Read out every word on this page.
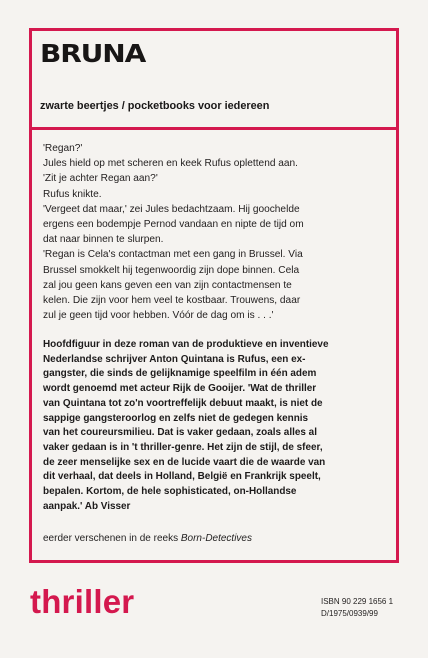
BRUNA
zwarte beertjes / pocketbooks voor iedereen
'Regan?'
Jules hield op met scheren en keek Rufus oplettend aan.
'Zit je achter Regan aan?'
Rufus knikte.
'Vergeet dat maar,' zei Jules bedachtzaam. Hij goochelde
ergens een bodempje Pernod vandaan en nipte de tijd om
dat naar binnen te slurpen.
'Regan is Cela's contactman met een gang in Brussel. Via
Brussel smokkelt hij tegenwoordig zijn dope binnen. Cela
zal jou geen kans geven een van zijn contactmensen te
kelen. Die zijn voor hem veel te kostbaar. Trouwens, daar
zul je geen tijd voor hebben. Vóór de dag om is . . .'
Hoofdfiguur in deze roman van de produktieve en inventieve
Nederlandse schrijver Anton Quintana is Rufus, een ex-
gangster, die sinds de gelijknamige speelfilm in één adem
wordt genoemd met acteur Rijk de Gooijer. 'Wat de thriller
van Quintana tot zo'n voortreffelijk debuut maakt, is niet de
sappige gangsteroorlog en zelfs niet de gedegen kennis
van het coureursmilieu. Dat is vaker gedaan, zoals alles al
vaker gedaan is in 't thriller-genre. Het zijn de stijl, de sfeer,
de zeer menselijke sex en de lucide vaart die de waarde van
dit verhaal, dat deels in Holland, België en Frankrijk speelt,
bepalen. Kortom, de hele sophisticated, on-Hollandse
aanpak.' Ab Visser
eerder verschenen in de reeks Born-Detectives
thriller	ISBN 90 229 1656 1
D/1975/0939/99
